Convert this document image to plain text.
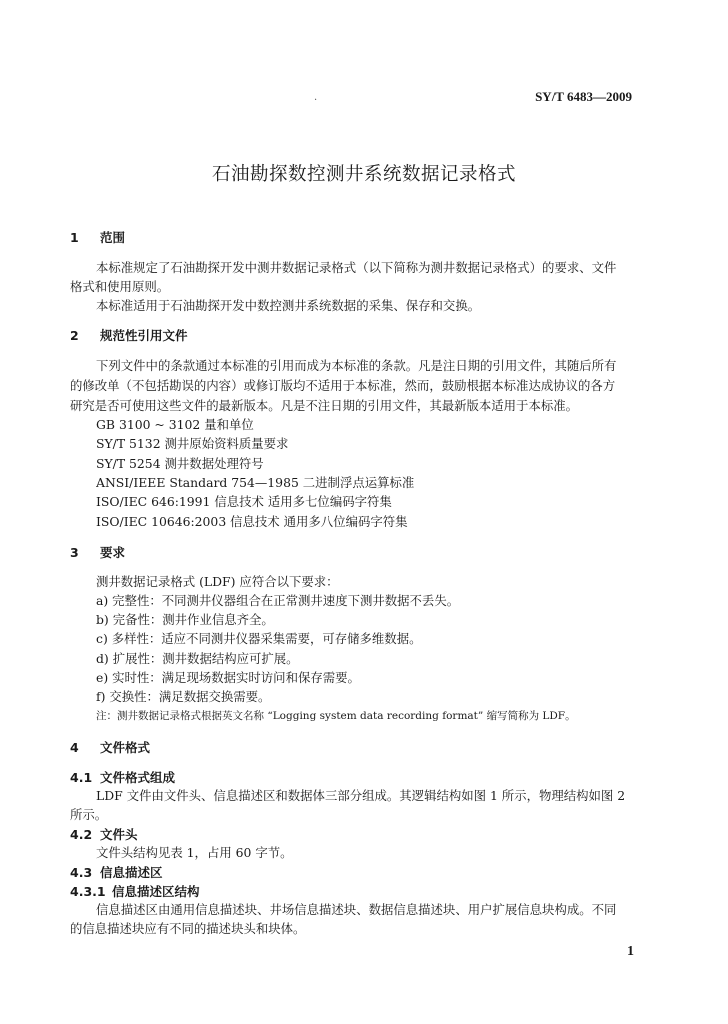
.	SY/T 6483—2009
石油勘探数控测井系统数据记录格式
1 范围
本标准规定了石油勘探开发中测井数据记录格式（以下简称为测井数据记录格式）的要求、文件
格式和使用原则。
本标准适用于石油勘探开发中数控测井系统数据的采集、保存和交换。
2 规范性引用文件
下列文件中的条款通过本标准的引用而成为本标准的条款。凡是注日期的引用文件，其随后所有
的修改单（不包括勘误的内容）或修订版均不适用于本标准，然而，鼓励根据本标准达成协议的各方
研究是否可使用这些文件的最新版本。凡是不注日期的引用文件，其最新版本适用于本标准。
GB 3100 ~ 3102 量和单位
SY/T 5132 测井原始资料质量要求
SY/T 5254 测井数据处理符号
ANSI/IEEE Standard 754—1985 二进制浮点运算标准
ISO/IEC 646:1991 信息技术 适用多七位编码字符集
ISO/IEC 10646:2003 信息技术 通用多八位编码字符集
3 要求
测井数据记录格式 (LDF) 应符合以下要求：
a) 完整性：不同测井仪器组合在正常测井速度下测井数据不丢失。
b) 完备性：测井作业信息齐全。
c) 多样性：适应不同测井仪器采集需要，可存储多维数据。
d) 扩展性：测井数据结构应可扩展。
e) 实时性：满足现场数据实时访问和保存需要。
f) 交换性：满足数据交换需要。
注：测井数据记录格式根据英文名称 “Logging system data recording format” 缩写简称为 LDF。
4 文件格式
4.1 文件格式组成
LDF 文件由文件头、信息描述区和数据体三部分组成。其逻辑结构如图 1 所示，物理结构如图 2
所示。
4.2 文件头
文件头结构见表 1，占用 60 字节。
4.3 信息描述区
4.3.1 信息描述区结构
信息描述区由通用信息描述块、井场信息描述块、数据信息描述块、用户扩展信息块构成。不同
的信息描述块应有不同的描述块头和块体。
1
